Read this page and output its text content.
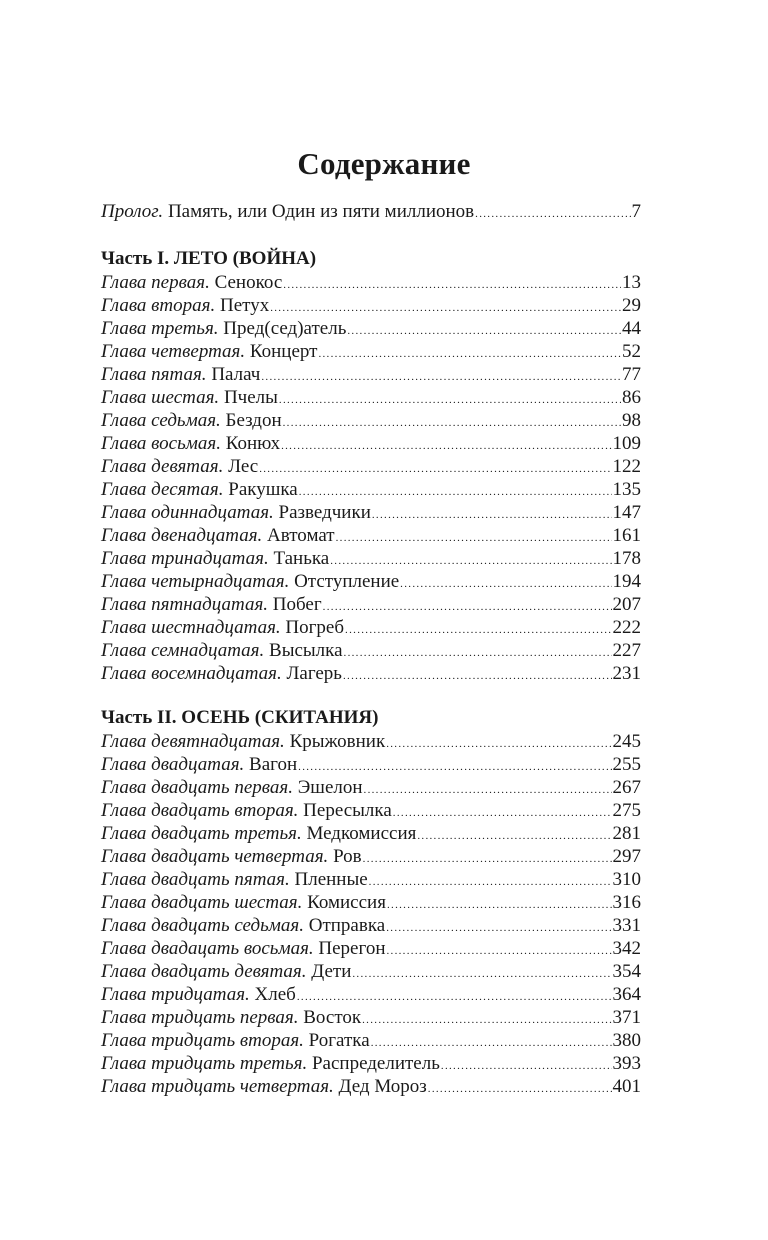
Содержание
Пролог. Память, или Один из пяти миллионов .....	7
Часть I. ЛЕТО (ВОЙНА)
Глава первая. Сенокос .....	13
Глава вторая. Петух .....	29
Глава третья. Пред(сед)атель .....	44
Глава четвертая. Концерт .....	52
Глава пятая. Палач .....	77
Глава шестая. Пчелы .....	86
Глава седьмая. Бездон .....	98
Глава восьмая. Конюх .....	109
Глава девятая. Лес .....	122
Глава десятая. Ракушка .....	135
Глава одиннадцатая. Разведчики .....	147
Глава двенадцатая. Автомат .....	161
Глава тринадцатая. Танька .....	178
Глава четырнадцатая. Отступление .....	194
Глава пятнадцатая. Побег .....	207
Глава шестнадцатая. Погреб .....	222
Глава семнадцатая. Высылка .....	227
Глава восемнадцатая. Лагерь .....	231
Часть II. ОСЕНЬ (СКИТАНИЯ)
Глава девятнадцатая. Крыжовник .....	245
Глава двадцатая. Вагон .....	255
Глава двадцать первая. Эшелон .....	267
Глава двадцать вторая. Пересылка .....	275
Глава двадцать третья. Медкомиссия .....	281
Глава двадцать четвертая. Ров .....	297
Глава двадцать пятая. Пленные .....	310
Глава двадцать шестая. Комиссия .....	316
Глава двадцать седьмая. Отправка .....	331
Глава двадацать восьмая. Перегон .....	342
Глава двадцать девятая. Дети .....	354
Глава тридцатая. Хлеб .....	364
Глава тридцать первая. Восток .....	371
Глава тридцать вторая. Рогатка .....	380
Глава тридцать третья. Распределитель .....	393
Глава тридцать четвертая. Дед Мороз .....	401
